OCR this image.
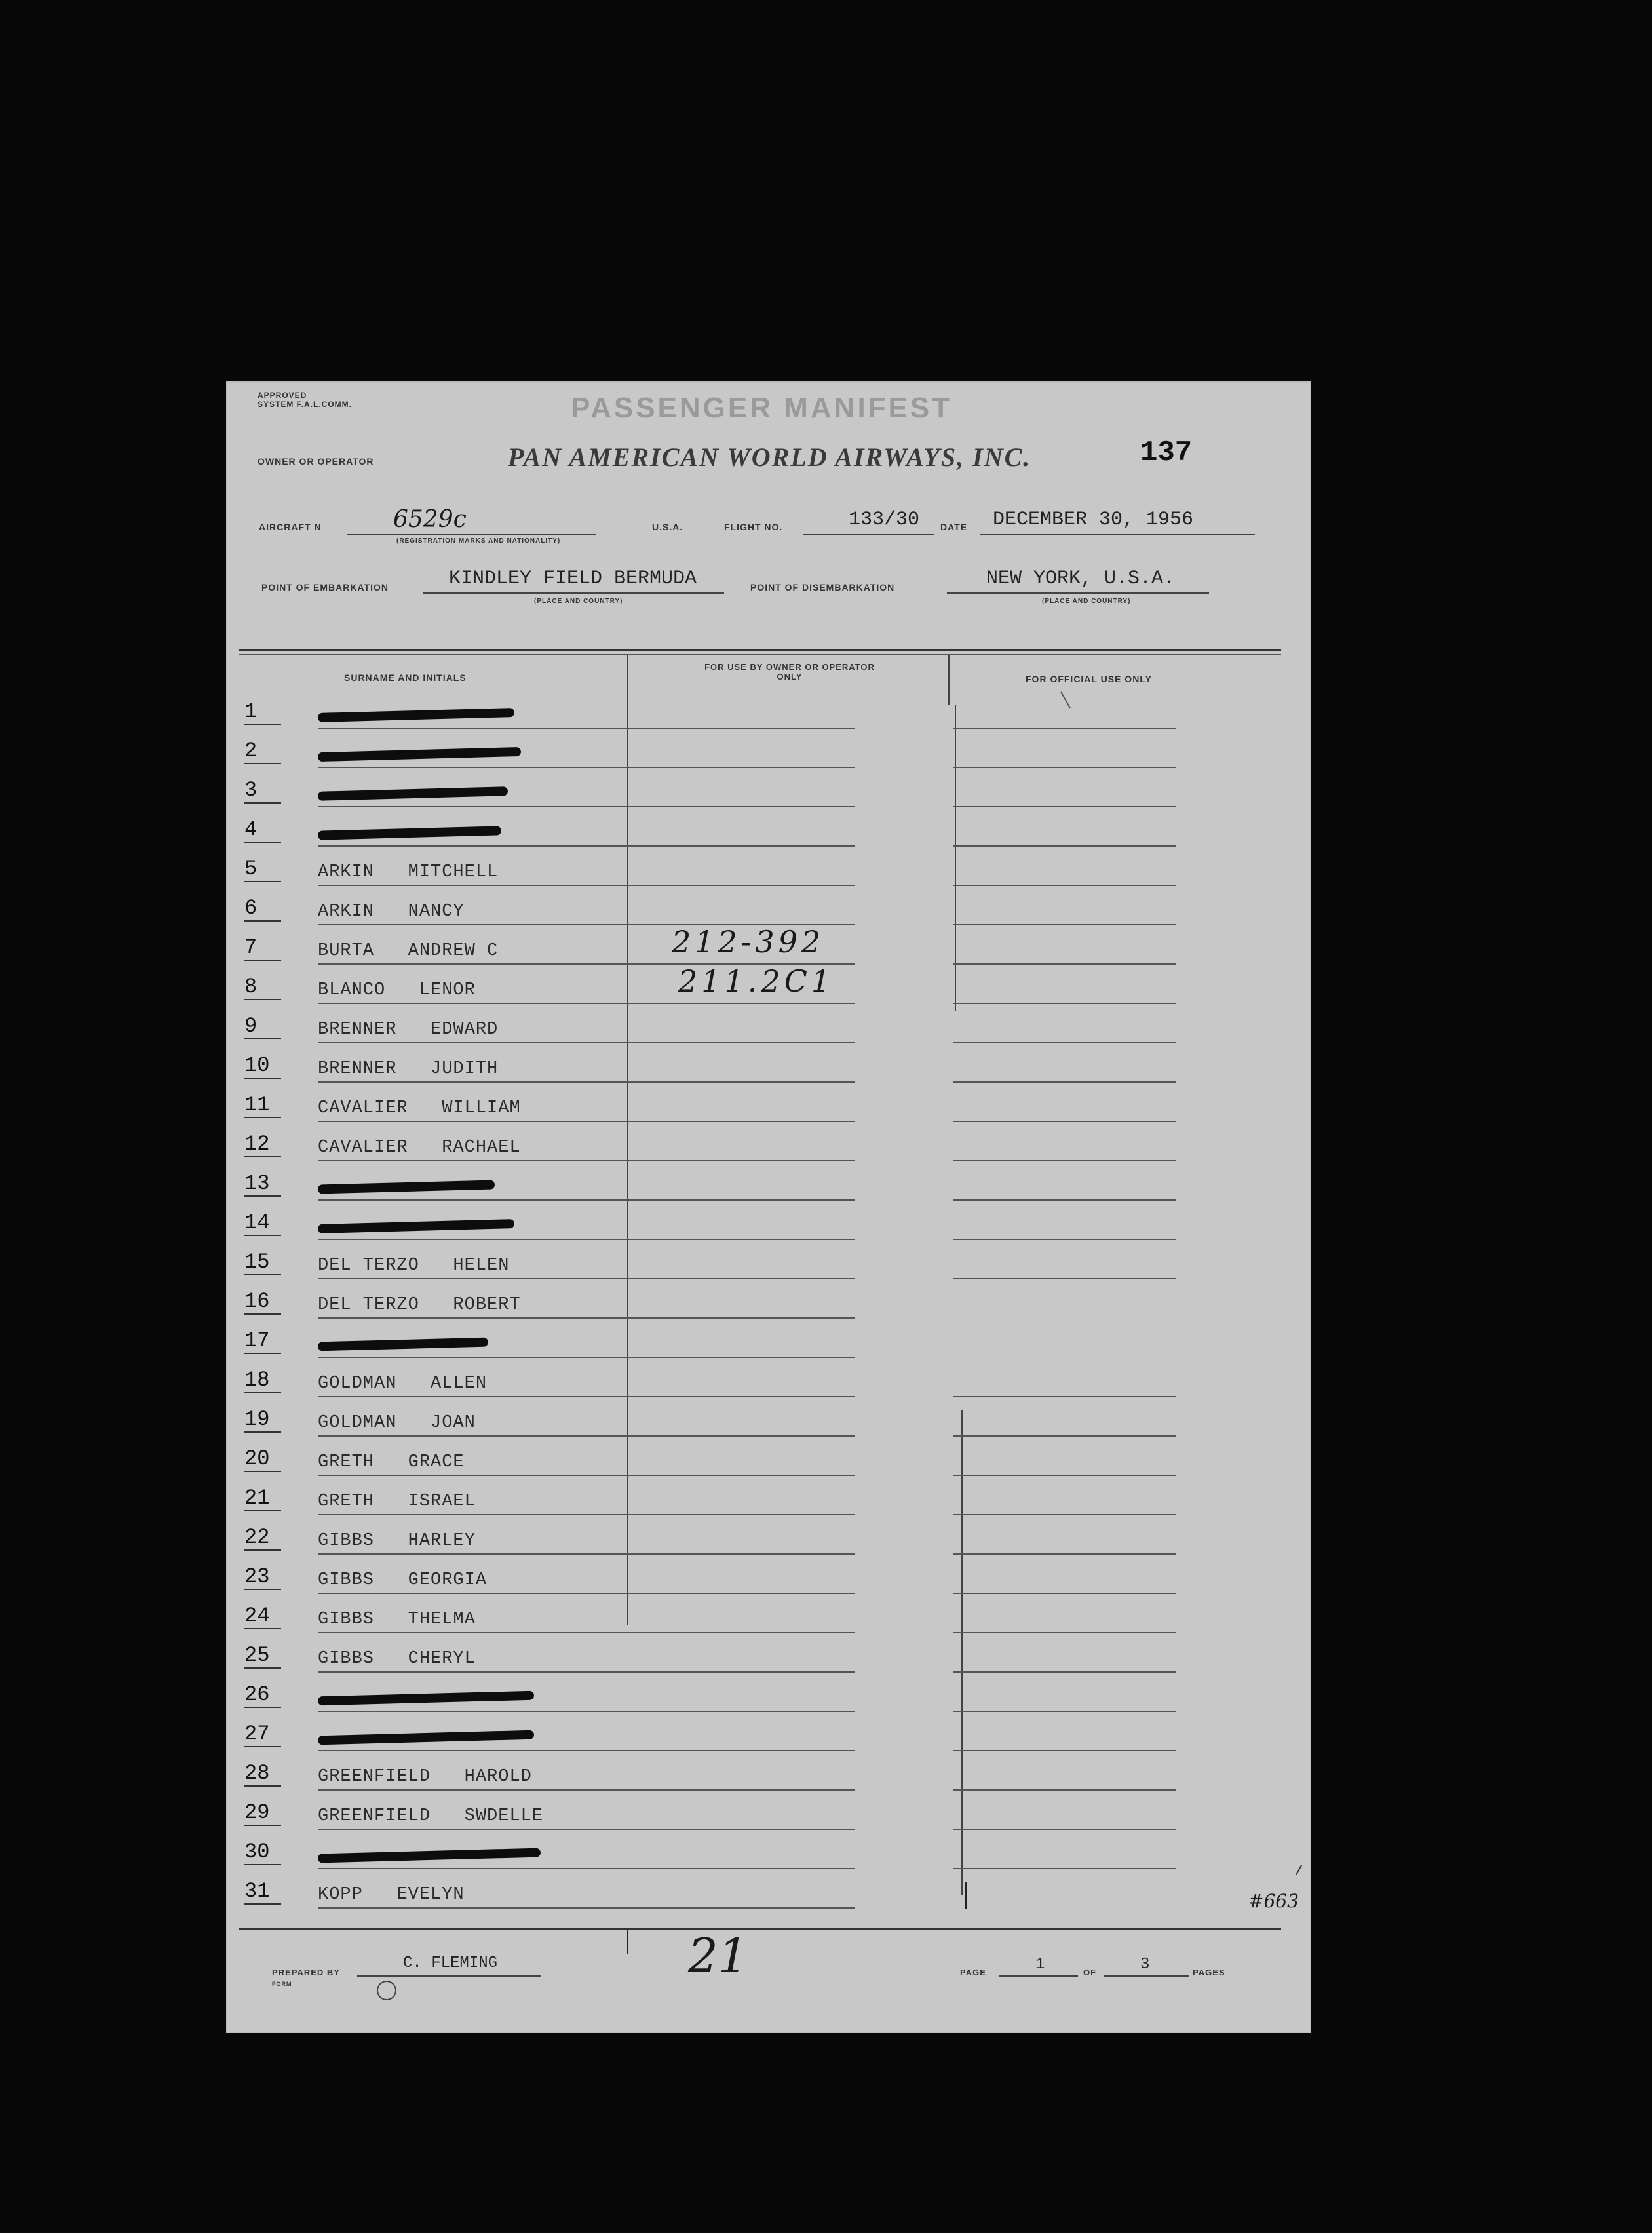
APPROVED
SYSTEM F.A.L.COMM.
OWNER OR OPERATOR
PASSENGER MANIFEST
PAN AMERICAN WORLD AIRWAYS, INC.	137
AIRCRAFT N	6529c
(REGISTRATION MARKS AND NATIONALITY)
U.S.A.	FLIGHT NO.	133/30 DATE DECEMBER 30, 1956
POINT OF EMBARKATION	KINDLEY FIELD BERMUDA
(PLACE AND COUNTRY)
POINT OF DISEMBARKATION	NEW YORK, U.S.A.
(PLACE AND COUNTRY)
SURNAME AND INITIALS
FOR USE BY OWNER OR OPERATOR ONLY	FOR OFFICIAL USE ONLY
1
2
3
4
5	ARKIN   MITCHELL
6	ARKIN   NANCY
7	BURTA   ANDREW C
8	BLANCO   LENOR
9	BRENNER   EDWARD
10	BRENNER   JUDITH
11	CAVALIER   WILLIAM
12	CAVALIER   RACHAEL
13
14
15	DEL TERZO   HELEN
16	DEL TERZO   ROBERT
17
18	GOLDMAN   ALLEN
19	GOLDMAN   JOAN
20	GRETH   GRACE
21	GRETH   ISRAEL
22	GIBBS   HARLEY
23	GIBBS   GEORGIA
24	GIBBS   THELMA
25	GIBBS   CHERYL
26
27
28	GREENFIELD   HAROLD
29	GREENFIELD   SWDELLE
30
31	KOPP   EVELYN
212-392
211.2C1
#663
21
PREPARED BY
C. FLEMING
FORM
PAGE	1	OF	3	PAGES
